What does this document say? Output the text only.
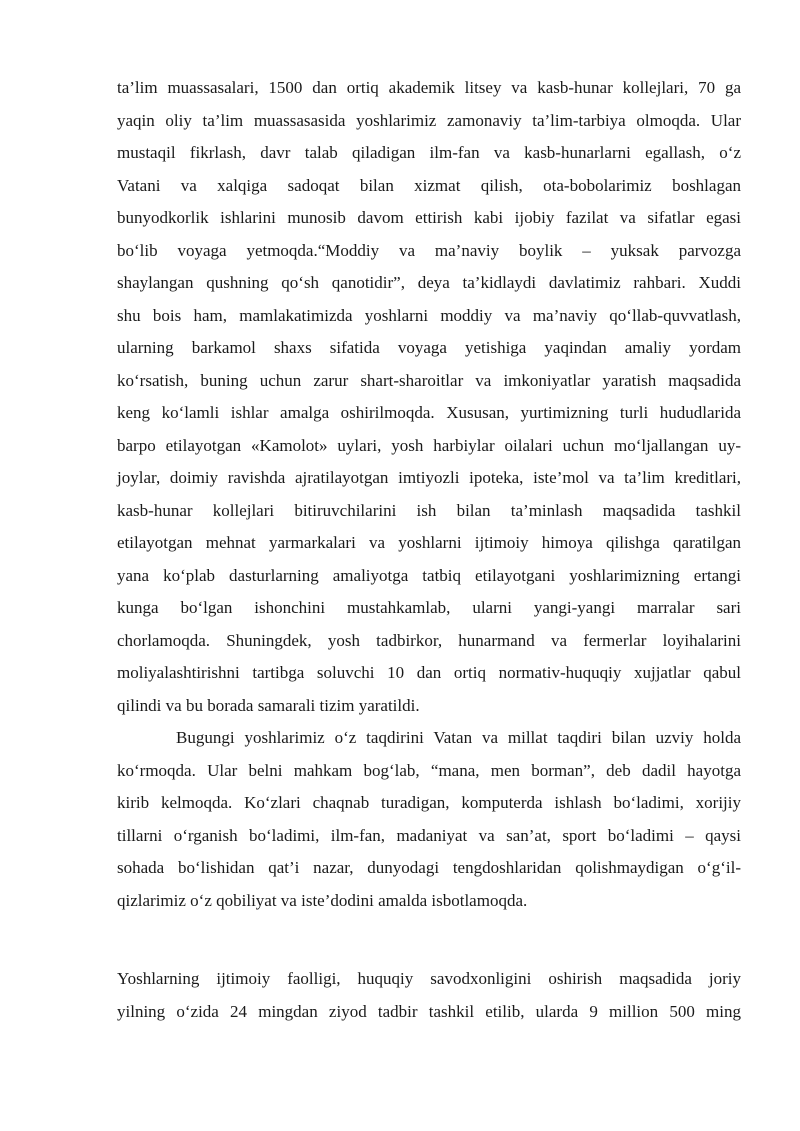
ta’lim muassasalari, 1500 dan ortiq akademik litsey va kasb-hunar kollejlari, 70 ga
yaqin oliy ta’lim muassasasida yoshlarimiz zamonaviy ta’lim-tarbiya olmoqda. Ular
mustaqil fikrlash, davr talab qiladigan ilm-fan va kasb-hunarlarni egallash, o‘z
Vatani va xalqiga sadoqat bilan xizmat qilish, ota-bobolarimiz boshlagan
bunyodkorlik ishlarini munosib davom ettirish kabi ijobiy fazilat va sifatlar egasi
bo‘lib voyaga yetmoqda.“Moddiy va ma’naviy boylik – yuksak parvozga
shaylangan qushning qo‘sh qanotidir”, deya ta’kidlaydi davlatimiz rahbari. Xuddi
shu bois ham, mamlakatimizda yoshlarni moddiy va ma’naviy qo‘llab-quvvatlash,
ularning barkamol shaxs sifatida voyaga yetishiga yaqindan amaliy yordam
ko‘rsatish, buning uchun zarur shart-sharoitlar va imkoniyatlar yaratish maqsadida
keng ko‘lamli ishlar amalga oshirilmoqda. Xususan, yurtimizning turli hududlarida
barpo etilayotgan «Kamolot» uylari, yosh harbiylar oilalari uchun mo‘ljallangan uy-
joylar, doimiy ravishda ajratilayotgan imtiyozli ipoteka, iste’mol va ta’lim kreditlari,
kasb-hunar kollejlari bitiruvchilarini ish bilan ta’minlash maqsadida tashkil
etilayotgan mehnat yarmarkalari va yoshlarni ijtimoiy himoya qilishga qaratilgan
yana ko‘plab dasturlarning amaliyotga tatbiq etilayotgani yoshlarimizning ertangi
kunga bo‘lgan ishonchini mustahkamlab, ularni yangi-yangi marralar sari
chorlamoqda. Shuningdek, yosh tadbirkor, hunarmand va fermerlar loyihalarini
moliyalashtirishni tartibga soluvchi 10 dan ortiq normativ-huquqiy xujjatlar qabul
qilindi va bu borada samarali tizim yaratildi.
Bugungi yoshlarimiz o‘z taqdirini Vatan va millat taqdiri bilan uzviy holda
ko‘rmoqda. Ular belni mahkam bog‘lab, “mana, men borman”, deb dadil hayotga
kirib kelmoqda. Ko‘zlari chaqnab turadigan, komputerda ishlash bo‘ladimi, xorijiy
tillarni o‘rganish bo‘ladimi, ilm-fan, madaniyat va san’at, sport bo‘ladimi – qaysi
sohada bo‘lishidan qat’i nazar, dunyodagi tengdoshlaridan qolishmaydigan o‘g‘il-
qizlarimiz o‘z qobiliyat va iste’dodini amalda isbotlamoqda.
Yoshlarning ijtimoiy faolligi, huquqiy savodxonligini oshirish maqsadida joriy
yilning o‘zida 24 mingdan ziyod tadbir tashkil etilib, ularda 9 million 500 ming
